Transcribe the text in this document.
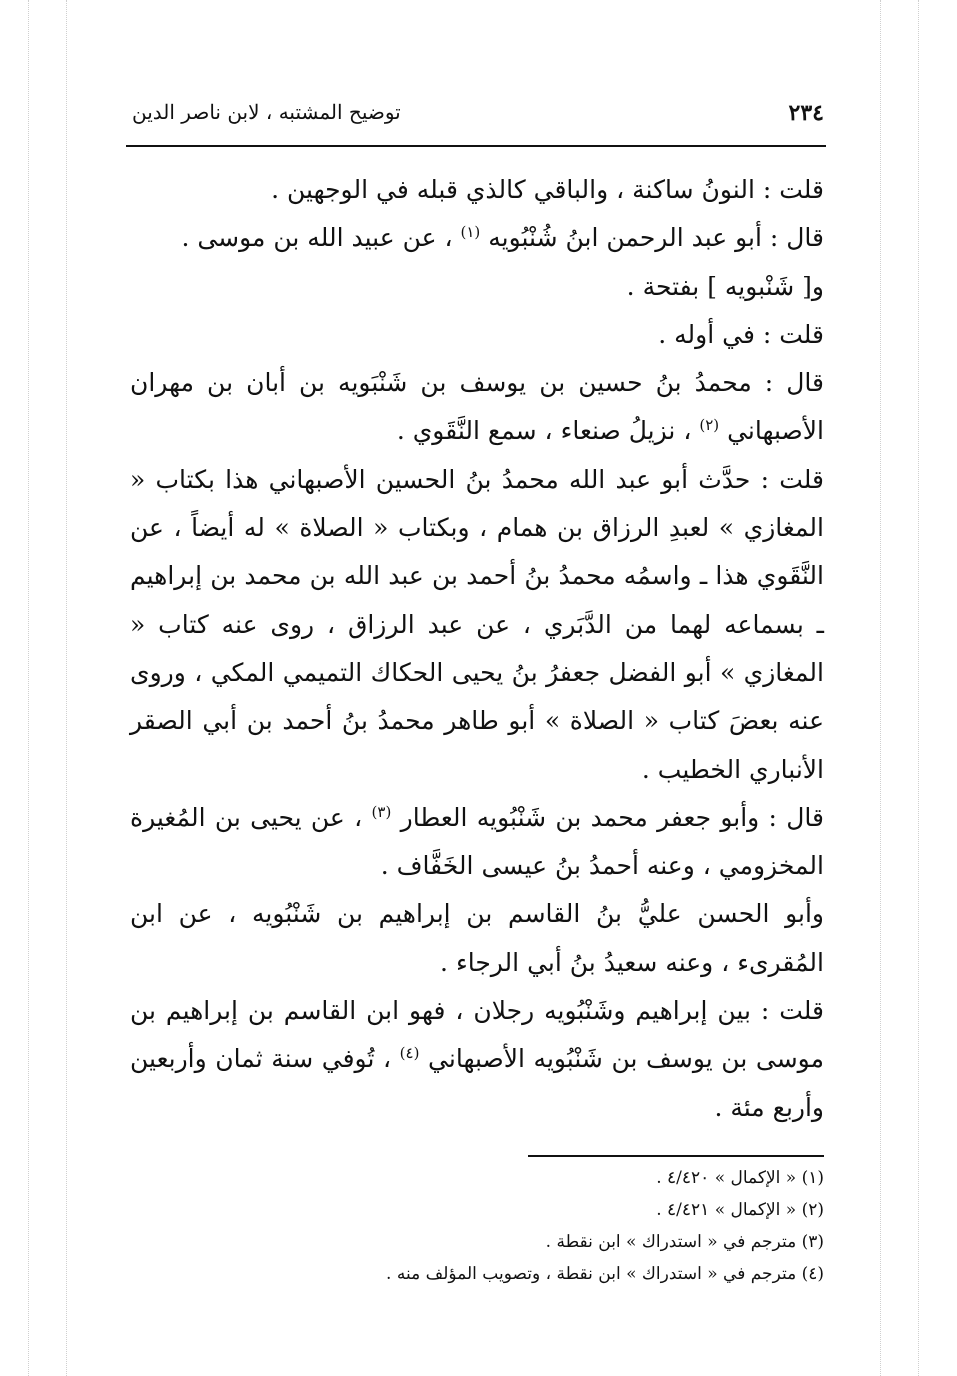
٢٣٤
توضيح المشتبه ، لابن ناصر الدين

قلت : النونُ ساكنة ، والباقي كالذي قبله في الوجهين .

قال : أبو عبد الرحمن ابنُ شُنْبُويه $^{(١)}$ ، عن عبيد الله بن موسى .

و[ شَنْبويه ] بفتحة .

قلت : في أوله .

قال : محمدُ بنُ حسين بن يوسف بن شَنْبَويه بن أبان بن مهران الأصبهاني $^{(٢)}$ ، نزيلُ صنعاء ، سمع النَّقَوي .

قلت : حدَّث أبو عبد الله محمدُ بنُ الحسين الأصبهاني هذا بكتاب « المغازي » لعبدِ الرزاق بن همام ، وبكتاب « الصلاة » له أيضاً ، عن النَّقَوي هذا ـ واسمُه محمدُ بنُ أحمد بن عبد الله بن محمد بن إبراهيم ـ بسماعه لهما من الدَّبَري ، عن عبد الرزاق ، روى عنه كتاب « المغازي » أبو الفضل جعفرُ بنُ يحيى الحكاك التميمي المكي ، وروى عنه بعضَ كتاب « الصلاة » أبو طاهر محمدُ بنُ أحمد بن أبي الصقر الأنباري الخطيب .

قال : وأبو جعفر محمد بن شَنْبُويه العطار $^{(٣)}$ ، عن يحيى بن المُغيرة المخزومي ، وعنه أحمدُ بنُ عيسى الخَفَّاف .

وأبو الحسن عليُّ بنُ القاسم بن إبراهيم بن شَنْبُويه ، عن ابن المُقرىء ، وعنه سعيدُ بنُ أبي الرجاء .

قلت : بين إبراهيم وشَنْبُويه رجلان ، فهو ابن القاسم بن إبراهيم بن موسى بن يوسف بن شَنْبُويه الأصبهاني $^{(٤)}$ ، تُوفي سنة ثمان وأربعين وأربع مئة .

(١) « الإكمال » ٤/٤٢٠ .

(٢) « الإكمال » ٤/٤٢١ .

(٣) مترجم في « استدراك » ابن نقطة .

(٤) مترجم في « استدراك » ابن نقطة ، وتصويب المؤلف منه .
